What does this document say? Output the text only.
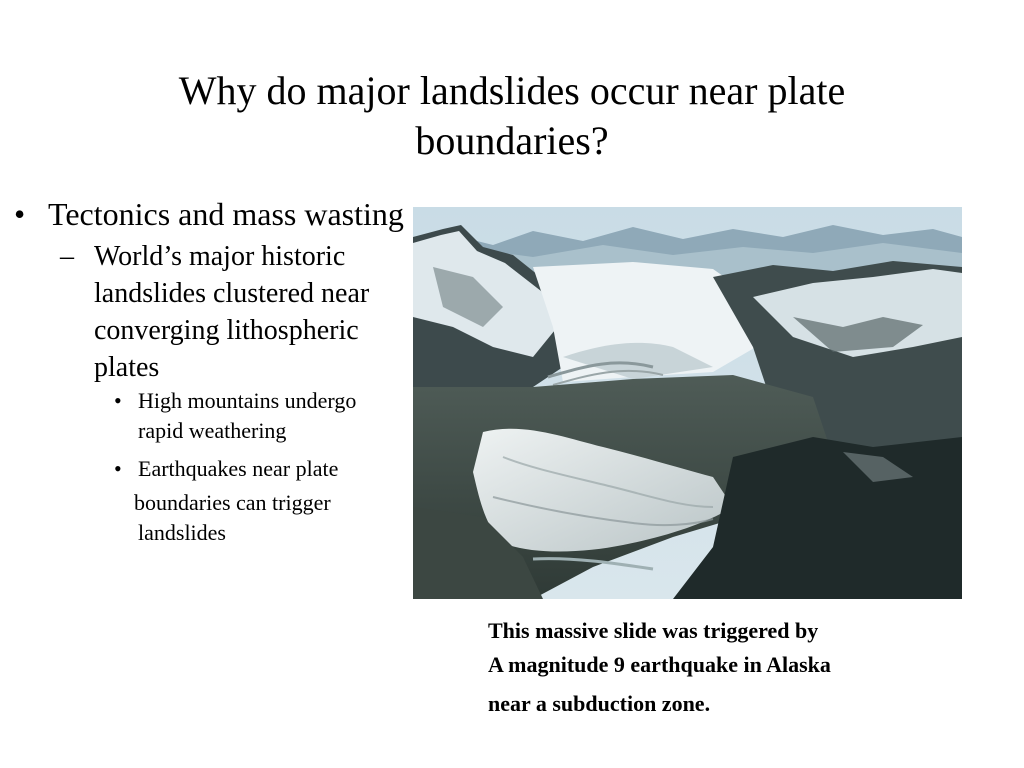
Why do major landslides occur near plate
boundaries?
• Tectonics and mass wasting
– World’s major historic landslides clustered near converging lithospheric plates
• High mountains undergo rapid weathering
• Earthquakes near plate
boundaries can trigger
landslides
This massive slide was triggered by
A magnitude 9 earthquake in Alaska
near a subduction zone.
